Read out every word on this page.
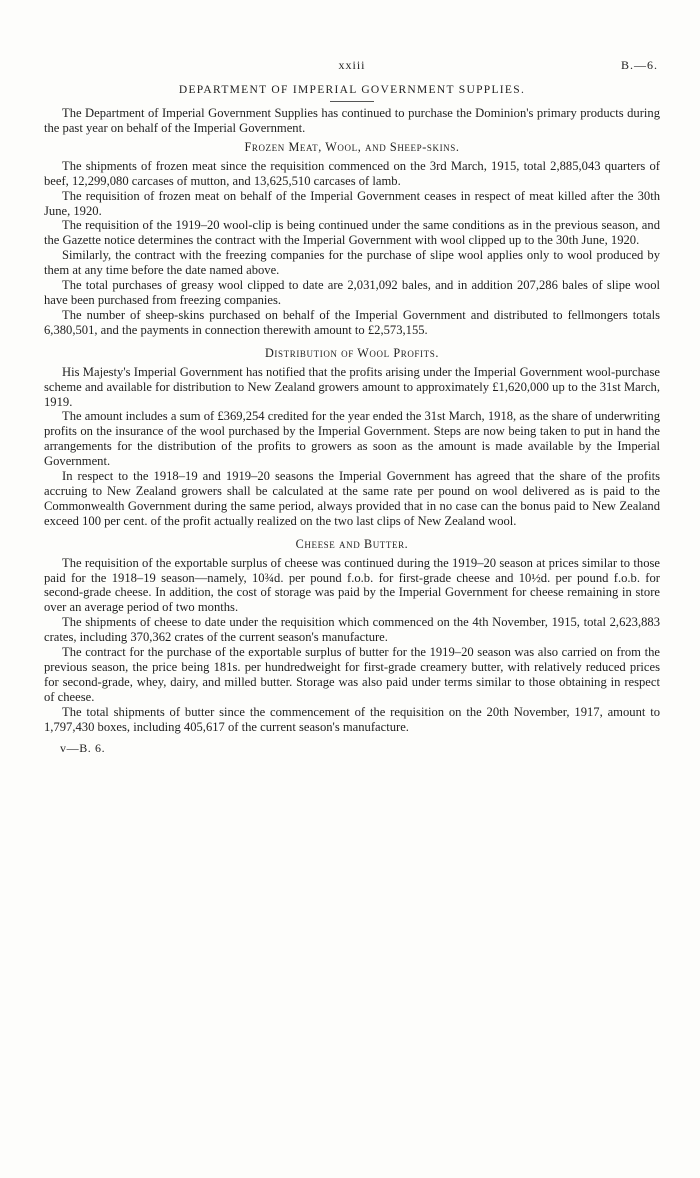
xxiii	B.—6.
DEPARTMENT OF IMPERIAL GOVERNMENT SUPPLIES.

The Department of Imperial Government Supplies has continued to purchase the Dominion's primary products during the past year on behalf of the Imperial Government.

Frozen Meat, Wool, and Sheep-skins.

The shipments of frozen meat since the requisition commenced on the 3rd March, 1915, total 2,885,043 quarters of beef, 12,299,080 carcases of mutton, and 13,625,510 carcases of lamb.

The requisition of frozen meat on behalf of the Imperial Government ceases in respect of meat killed after the 30th June, 1920.

The requisition of the 1919–20 wool-clip is being continued under the same conditions as in the previous season, and the Gazette notice determines the contract with the Imperial Government with wool clipped up to the 30th June, 1920.

Similarly, the contract with the freezing companies for the purchase of slipe wool applies only to wool produced by them at any time before the date named above.

The total purchases of greasy wool clipped to date are 2,031,092 bales, and in addition 207,286 bales of slipe wool have been purchased from freezing companies.

The number of sheep-skins purchased on behalf of the Imperial Government and distributed to fellmongers totals 6,380,501, and the payments in connection therewith amount to £2,573,155.

Distribution of Wool Profits.

His Majesty's Imperial Government has notified that the profits arising under the Imperial Government wool-purchase scheme and available for distribution to New Zealand growers amount to approximately £1,620,000 up to the 31st March, 1919.

The amount includes a sum of £369,254 credited for the year ended the 31st March, 1918, as the share of underwriting profits on the insurance of the wool purchased by the Imperial Government. Steps are now being taken to put in hand the arrangements for the distribution of the profits to growers as soon as the amount is made available by the Imperial Government.

In respect to the 1918–19 and 1919–20 seasons the Imperial Government has agreed that the share of the profits accruing to New Zealand growers shall be calculated at the same rate per pound on wool delivered as is paid to the Commonwealth Government during the same period, always provided that in no case can the bonus paid to New Zealand exceed 100 per cent. of the profit actually realized on the two last clips of New Zealand wool.

Cheese and Butter.

The requisition of the exportable surplus of cheese was continued during the 1919–20 season at prices similar to those paid for the 1918–19 season—namely, 10¾d. per pound f.o.b. for first-grade cheese and 10½d. per pound f.o.b. for second-grade cheese. In addition, the cost of storage was paid by the Imperial Government for cheese remaining in store over an average period of two months.

The shipments of cheese to date under the requisition which commenced on the 4th November, 1915, total 2,623,883 crates, including 370,362 crates of the current season's manufacture.

The contract for the purchase of the exportable surplus of butter for the 1919–20 season was also carried on from the previous season, the price being 181s. per hundredweight for first-grade creamery butter, with relatively reduced prices for second-grade, whey, dairy, and milled butter. Storage was also paid under terms similar to those obtaining in respect of cheese.

The total shipments of butter since the commencement of the requisition on the 20th November, 1917, amount to 1,797,430 boxes, including 405,617 of the current season's manufacture.

v—B. 6.
